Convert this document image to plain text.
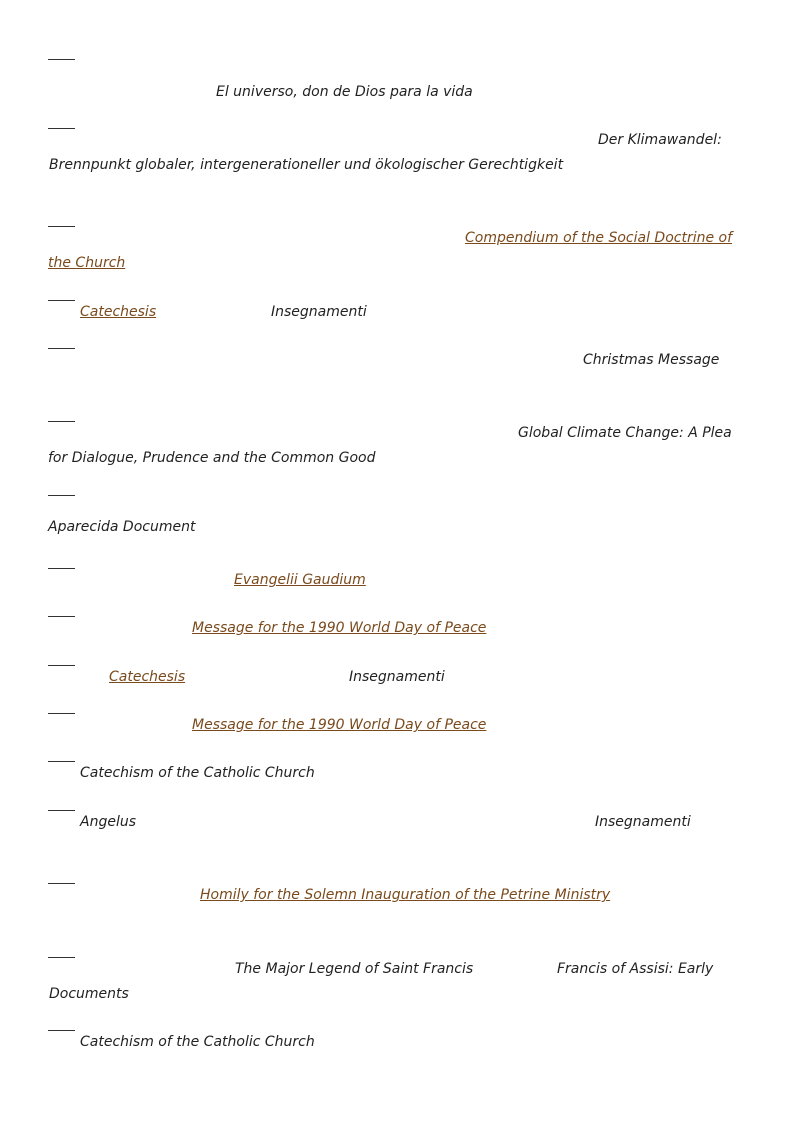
El universo, don de Dios para la vida
Der Klimawandel:
Brennpunkt globaler, intergenerationeller und ökologischer Gerechtigkeit
Compendium of the Social Doctrine of
the Church
Catechesis	Insegnamenti
Christmas Message
Global Climate Change: A Plea
for Dialogue, Prudence and the Common Good
Aparecida Document
Evangelii Gaudium
Message for the 1990 World Day of Peace
Catechesis	Insegnamenti
Message for the 1990 World Day of Peace
Catechism of the Catholic Church
Angelus	Insegnamenti
Homily for the Solemn Inauguration of the Petrine Ministry
The Major Legend of Saint Francis	Francis of Assisi: Early
Documents
Catechism of the Catholic Church
